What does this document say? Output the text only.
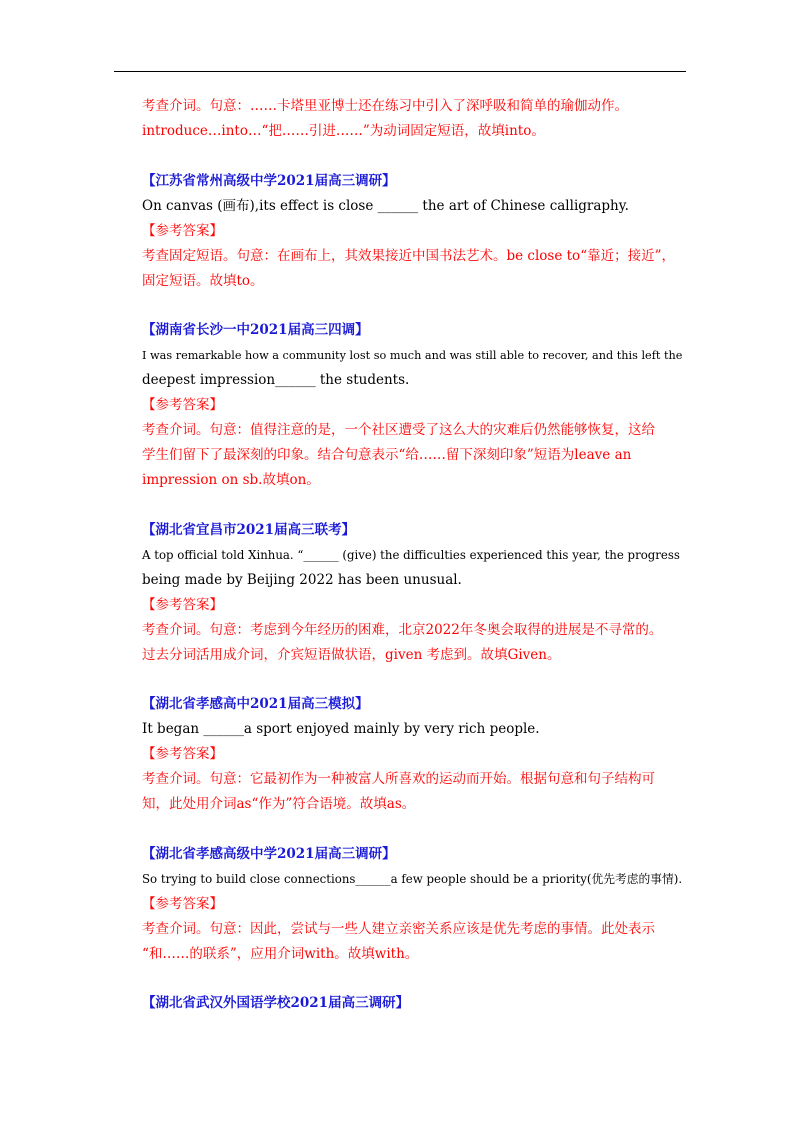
考查介词。句意：……卡塔里亚博士还在练习中引入了深呼吸和简单的瑜伽动作。

introduce…into…“把……引进……”为动词固定短语，故填into。

【江苏省常州高级中学2021届高三调研】

On canvas (画布),its effect is close ______ the art of Chinese calligraphy.

【参考答案】

考查固定短语。句意：在画布上，其效果接近中国书法艺术。be close to“靠近；接近”，

固定短语。故填to。

【湖南省长沙一中2021届高三四调】

I was remarkable how a community lost so much and was still able to recover, and this left the

deepest impression______ the students.

【参考答案】

考查介词。句意：值得注意的是，一个社区遭受了这么大的灾难后仍然能够恢复，这给

学生们留下了最深刻的印象。结合句意表示“给……留下深刻印象”短语为leave an

impression on sb.故填on。

【湖北省宜昌市2021届高三联考】

A top official told Xinhua. “______ (give) the difficulties experienced this year, the progress

being made by Beijing 2022 has been unusual.

【参考答案】

考查介词。句意：考虑到今年经历的困难，北京2022年冬奥会取得的进展是不寻常的。

过去分词活用成介词，介宾短语做状语，given 考虑到。故填Given。

【湖北省孝感高中2021届高三模拟】

It began ______a sport enjoyed mainly by very rich people.

【参考答案】

考查介词。句意：它最初作为一种被富人所喜欢的运动而开始。根据句意和句子结构可

知，此处用介词as“作为”符合语境。故填as。

【湖北省孝感高级中学2021届高三调研】

So trying to build close connections______a few people should be a priority(优先考虑的事情).

【参考答案】

考查介词。句意：因此，尝试与一些人建立亲密关系应该是优先考虑的事情。此处表示

“和……的联系”，应用介词with。故填with。

【湖北省武汉外国语学校2021届高三调研】
